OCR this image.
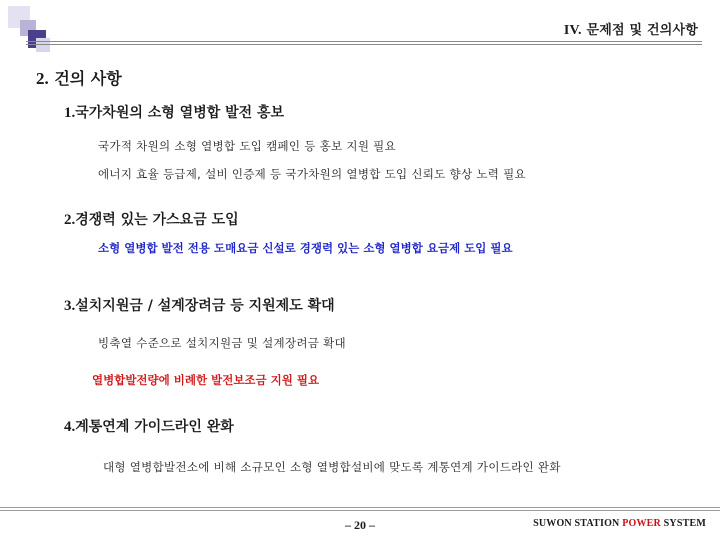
IV. 문제점 및 건의사항
2. 건의 사항
1.국가차원의 소형 열병합 발전 홍보
국가적 차원의 소형 열병합 도입 캠페인 등 홍보 지원 필요
에너지 효율 등급제, 설비 인증제 등 국가차원의 열병합 도입 신뢰도 향상 노력 필요
2.경쟁력 있는 가스요금 도입
소형 열병합 발전 전용 도매요금 신설로 경쟁력 있는 소형 열병합 요금제 도입 필요
3.설치지원금 / 설계장려금 등 지원제도 확대
빙축열 수준으로 설치지원금 및 설계장려금 확대
열병합발전량에 비례한 발전보조금 지원 필요
4.계통연계 가이드라인 완화
대형 열병합발전소에 비해 소규모인 소형 열병합설비에 맞도록 계통연계 가이드라인 완화
– 20 –	SUWON STATION POWER SYSTEM
